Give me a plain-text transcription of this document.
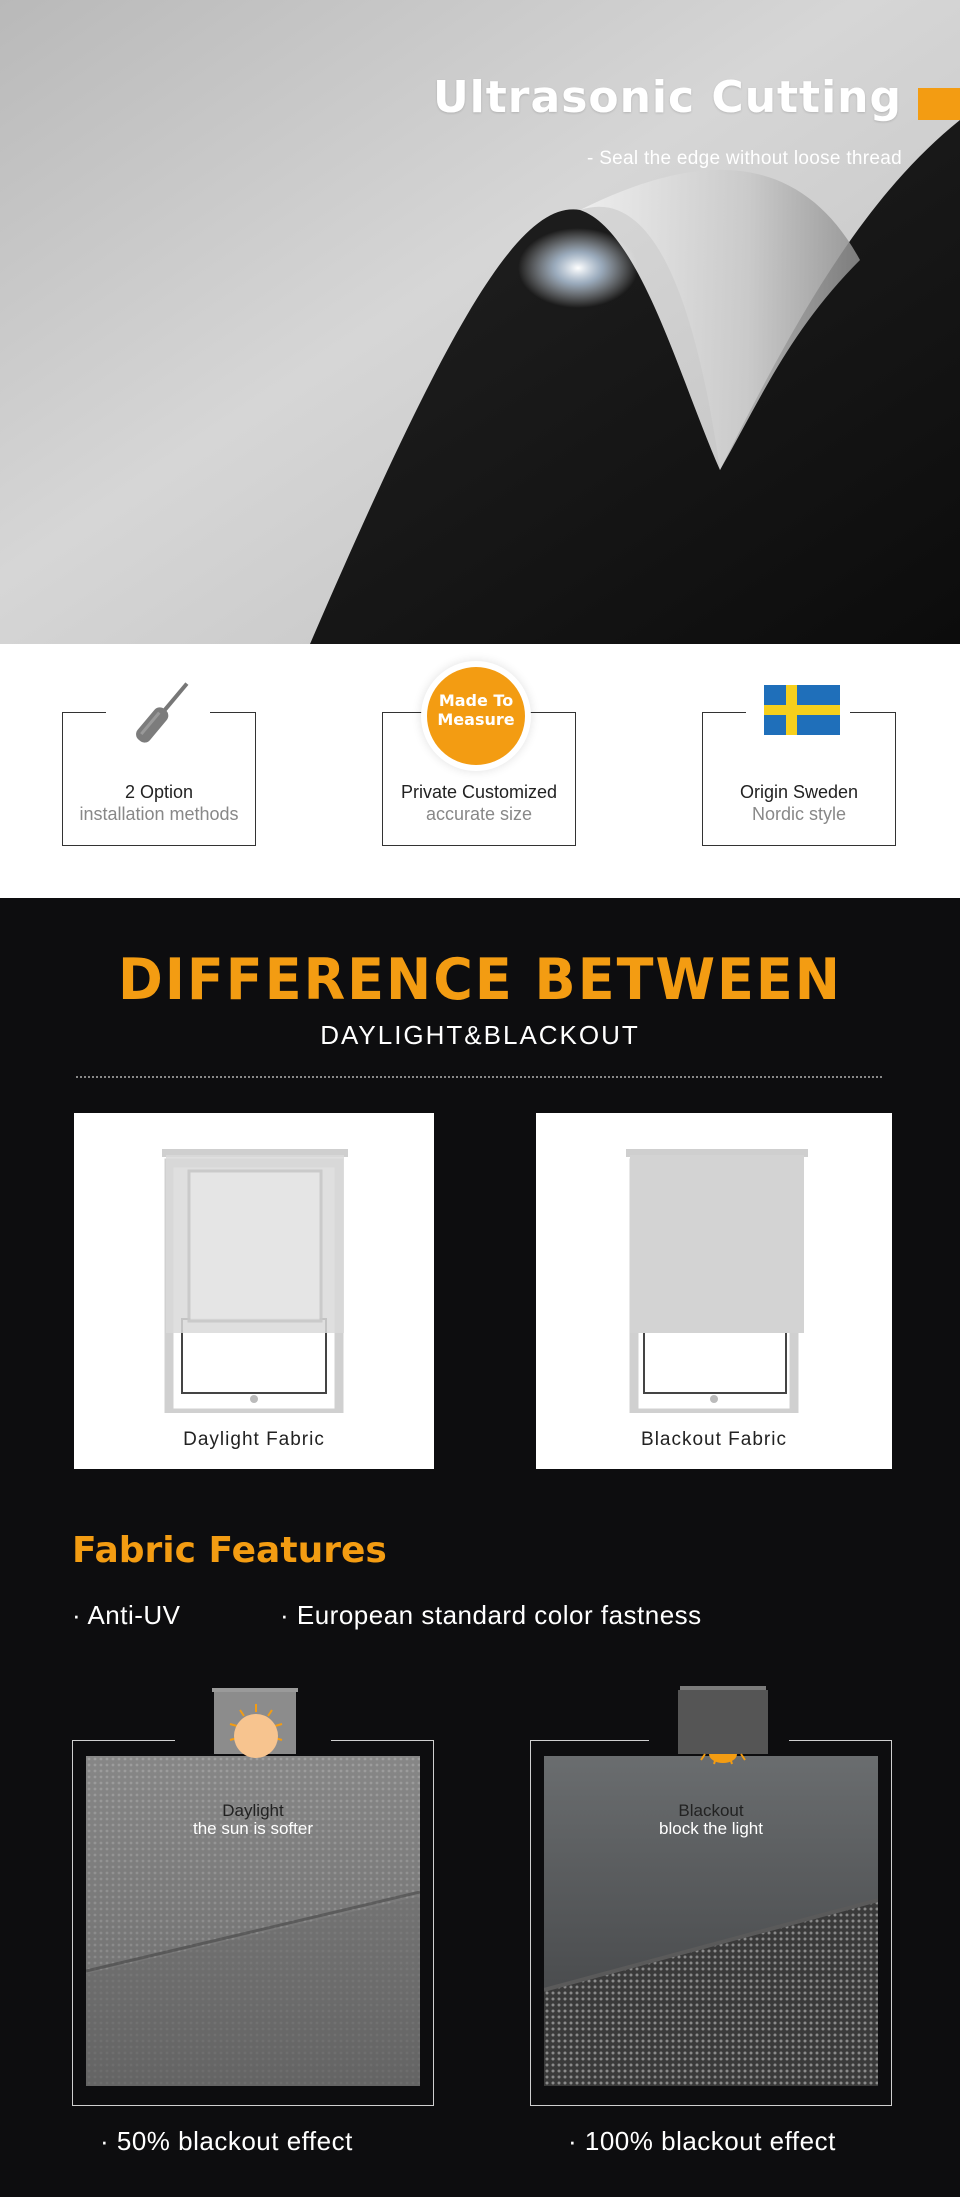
Ultrasonic Cutting
- Seal the edge without loose thread
2 Option
installation methods
Private Customized
accurate size
Origin Sweden
Nordic style
Made To
Measure
DIFFERENCE BETWEEN
DAYLIGHT&BLACKOUT
Daylight Fabric	Blackout Fabric
Fabric Features
· Anti-UV	· European standard color fastness
Daylight
the sun is softer
Blackout
block the light
· 50% blackout effect	· 100% blackout effect
